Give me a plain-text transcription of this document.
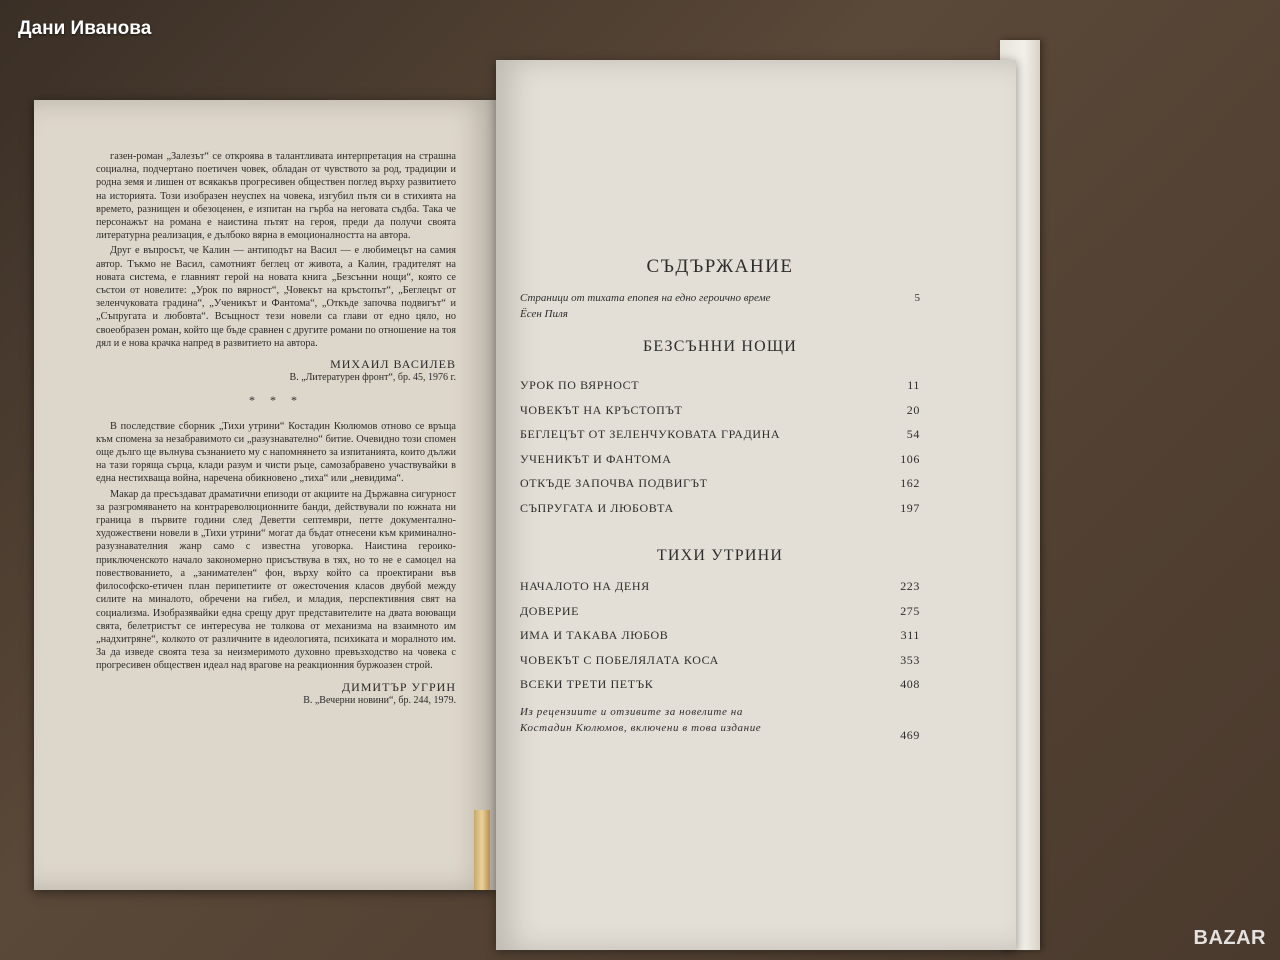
Дани Иванова

газен-роман „Залезът“ се откроява в талантливата интерпретация на страшна социална, подчертано поетичен човек, обладан от чувството за род, традиции и родна земя и лишен от всякакъв прогресивен обществен поглед върху развитието на историята. Този изобразен неуспех на човека, изгубил пътя си в стихията на времето, разнищен и обезоценен, е изпитан на гърба на неговата съдба. Така че персонажът на романа е наистина пътят на героя, преди да получи своята литературна реализация, е дълбоко вярна в емоционалността на автора.

Друг е въпросът, че Калин — антиподът на Васил — е любимецът на самия автор. Тъкмо не Васил, самотният беглец от живота, а Калин, градителят на новата система, е главният герой на новата книга „Безсънни нощи“, която се състои от новелите: „Урок по вярност“, „Човекът на кръстопът“, „Беглецът от зеленчуковата градина“, „Ученикът и Фантома“, „Откъде започва подвигът“ и „Съпругата и любовта“. Всъщност тези новели са глави от едно цяло, но своеобразен роман, който ще бъде сравнен с другите романи по отношение на тоя дял и е нова крачка напред в развитието на автора.

МИХАИЛ ВАСИЛЕВ
В. „Литературен фронт“, бр. 45, 1976 г.
* * *

В последствие сборник „Тихи утрини“ Костадин Кюлюмов отново се връща към спомена за незабравимото си „разузнавателно“ битие. Очевидно този спомен още дълго ще вълнува съзнанието му с напомнянето за изпитанията, които дължи на тази горяща сърца, клади разум и чисти ръце, самозабравено участвувайки в една нестихваща война, наречена обикновено „тиха“ или „невидима“.

Макар да пресъздават драматични епизоди от акциите на Държавна сигурност за разгромяването на контрареволюционните банди, действували по южната ни граница в първите години след Деветти септември, петте документално-художествени новели в „Тихи утрини“ могат да бъдат отнесени към криминално-разузнавателния жанр само с известна уговорка. Наистина героико-приключенското начало закономерно присъствува в тях, но то не е самоцел на повествованието, а „занимателен“ фон, върху който са проектирани във философско-етичен план перипетиите от ожесточения класов двубой между силите на миналото, обречени на гибел, и младия, перспективния свят на социализма. Изобразявайки една срещу друг представителите на двата воюващи свята, белетристът се интересува не толкова от механизма на взаимното им „надхитряне“, колкото от различните в идеологията, психиката и моралното им. За да изведе своята теза за неизмеримото духовно превъзходство на човека с прогресивен обществен идеал над врагове на реакционния буржоазен строй.

ДИМИТЪР УГРИН
В. „Вечерни новини“, бр. 244, 1979.
СЪДЪРЖАНИЕ
Страници от тихата епопея на едно героично време	5
Ёсен Пиля
БЕЗСЪННИ НОЩИ
УРОК ПО ВЯРНОСТ	11
ЧОВЕКЪТ НА КРЪСТОПЪТ	20
БЕГЛЕЦЪТ ОТ ЗЕЛЕНЧУКОВАТА ГРАДИНА	54
УЧЕНИКЪТ И ФАНТОМА	106
ОТКЪДЕ ЗАПОЧВА ПОДВИГЪТ	162
СЪПРУГАТА И ЛЮБОВТА	197
ТИХИ УТРИНИ
НАЧАЛОТО НА ДЕНЯ	223
ДОВЕРИЕ	275
ИМА И ТАКАВА ЛЮБОВ	311
ЧОВЕКЪТ С ПОБЕЛЯЛАТА КОСА	353
ВСЕКИ ТРЕТИ ПЕТЪК	408
Из рецензиите и отзивите за новелите на Костадин Кюлюмов, включени в това издание	469
BAZAR
